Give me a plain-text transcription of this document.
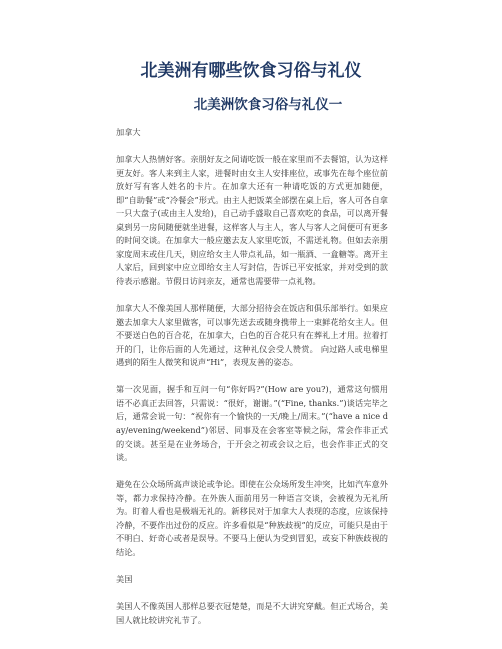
北美洲有哪些饮食习俗与礼仪
北美洲饮食习俗与礼仪一

加拿大

加拿大人热情好客。亲朋好友之间请吃饭一般在家里而不去餐馆，认为这样更友好。客人来到主人家，进餐时由女主人安排座位，或事先在每个座位前放好写有客人姓名的卡片。在加拿大还有一种请吃饭的方式更加随便，即“自助餐”或“冷餐会”形式。由主人把饭菜全部摆在桌上后，客人可各自拿一只大盘子(或由主人发给)，自己动手盛取自己喜欢吃的食品，可以离开餐桌到另一房间随便就坐进餐，这样客人与主人，客人与客人之间便可有更多的时间交谈。在加拿大一般应邀去友人家里吃饭，不需送礼物。但如去亲朋家度周末或住几天，则应给女主人带点礼品，如一瓶酒、一盒糖等。离开主人家后，回到家中应立即给女主人写封信，告诉已平安抵家，并对受到的款待表示感谢。节假日访问亲友，通常也需要带一点礼物。

加拿大人不像美国人那样随便，大部分招待会在饭店和俱乐部举行。如果应邀去加拿大人家里做客，可以事先送去或随身携带上一束鲜花给女主人。但不要送白色的百合花，在加拿大，白色的百合花只有在葬礼上才用。拉着打开的门，让你后面的人先通过，这种礼仪会受人赞赏。 向过路人或电梯里遇到的陌生人微笑和说声“Hi”，表现友善的姿态。

第一次见面，握手和互问一句“你好吗?”(How are you?)，通常这句惯用语不必真正去回答，只需说：“很好，谢谢。”(“Fine, thanks.”)谈话完毕之后，通常会说一句：“祝你有一个愉快的一天/晚上/周末。”(“have a nice day/evening/weekend”)邻居、同事及在会客室等候之际，常会作非正式的交谈。甚至是在业务场合，于开会之初或会议之后，也会作非正式的交谈。

避免在公众场所高声谈论或争论。即使在公众场所发生冲突，比如汽车意外等，都力求保持冷静。在外族人面前用另一种语言交谈，会被视为无礼所为。盯着人看也是极端无礼的。新移民对于加拿大人表现的态度，应该保持冷静，不要作出过份的反应。许多看似是“种族歧视”的反应，可能只是由于不明白、好奇心或者是误导。不要马上便认为受到冒犯，或妄下种族歧视的结论。

美国

美国人不像英国人那样总要衣冠楚楚，而是不大讲究穿戴。但正式场合，美国人就比较讲究礼节了。
